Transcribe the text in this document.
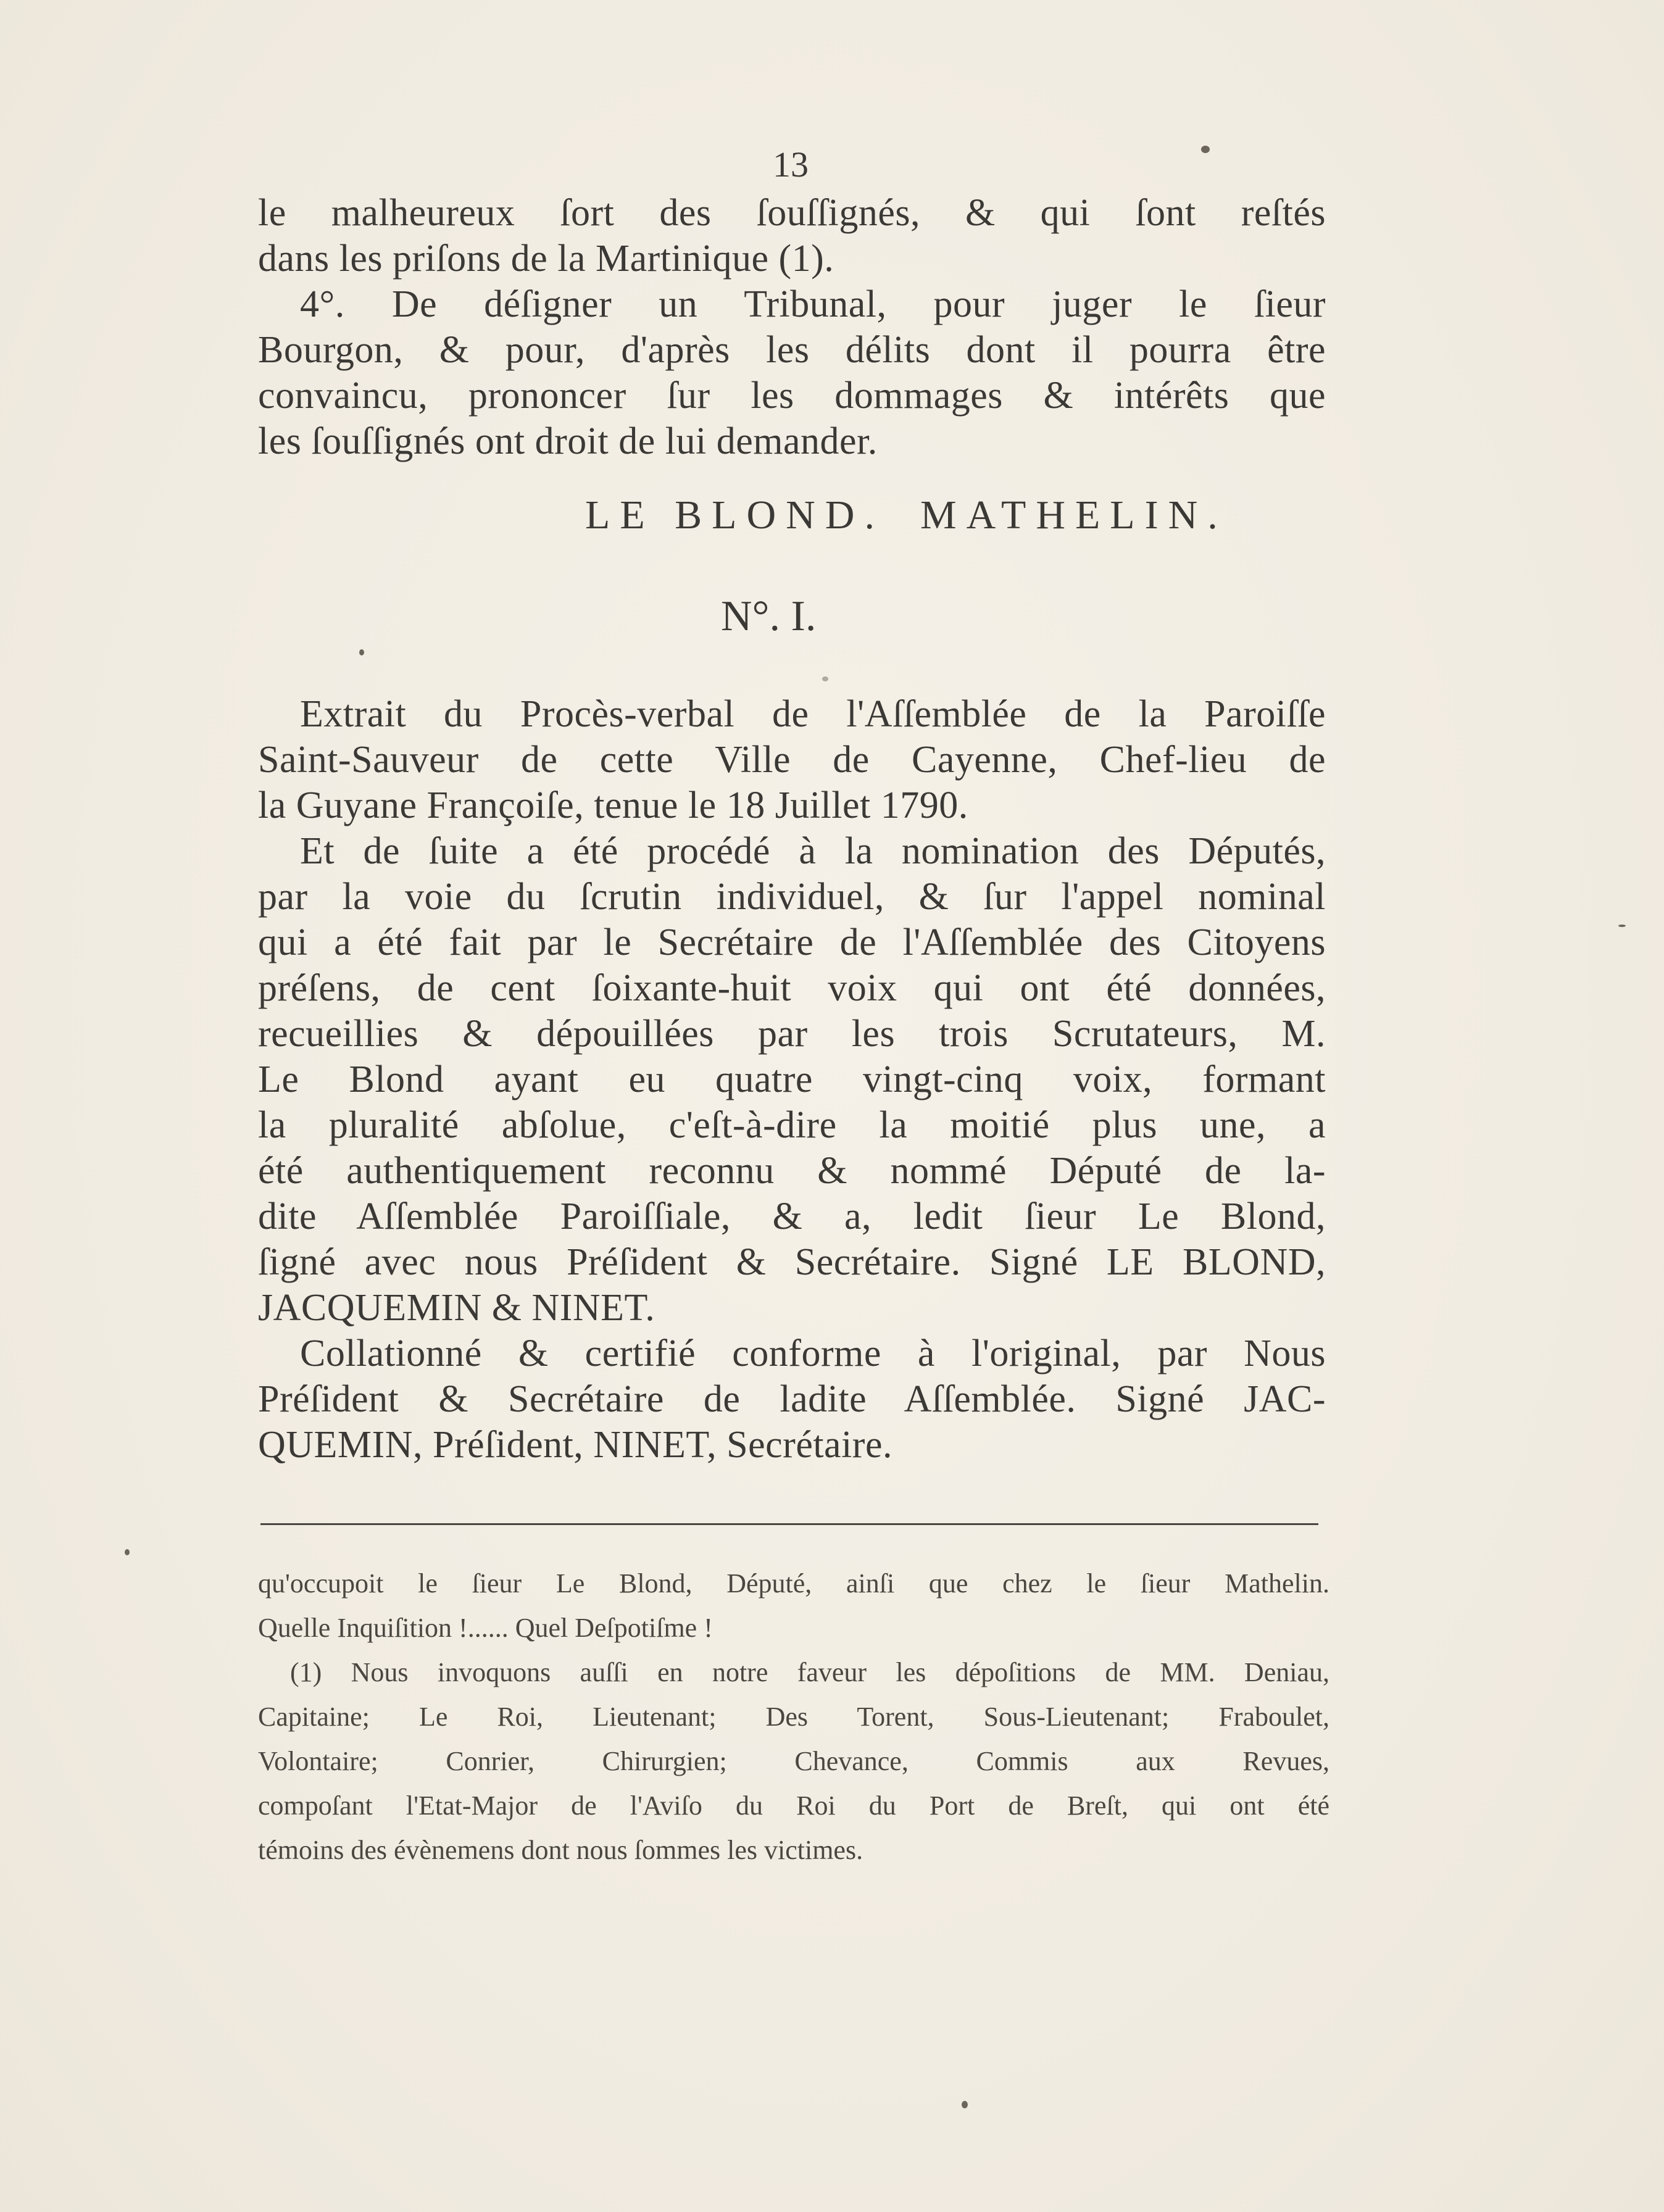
13
le malheureux ſort des ſouſſignés, & qui ſont reſtés
dans les priſons de la Martinique (1).
4°. De déſigner un Tribunal, pour juger le ſieur
Bourgon, & pour, d'après les délits dont il pourra être
convaincu, prononcer ſur les dommages & intérêts que
les ſouſſignés ont droit de lui demander.
LE BLOND. MATHELIN.
N°. I.
Extrait du Procès-verbal de l'Aſſemblée de la Paroiſſe
Saint-Sauveur de cette Ville de Cayenne, Chef-lieu de
la Guyane Françoiſe, tenue le 18 Juillet 1790.
Et de ſuite a été procédé à la nomination des Députés,
par la voie du ſcrutin individuel, & ſur l'appel nominal
qui a été fait par le Secrétaire de l'Aſſemblée des Citoyens
préſens, de cent ſoixante-huit voix qui ont été données,
recueillies & dépouillées par les trois Scrutateurs, M.
Le Blond ayant eu quatre vingt-cinq voix, formant
la pluralité abſolue, c'eſt-à-dire la moitié plus une, a
été authentiquement reconnu & nommé Député de la-
dite Aſſemblée Paroiſſiale, & a, ledit ſieur Le Blond,
ſigné avec nous Préſident & Secrétaire. Signé LE BLOND,
JACQUEMIN & NINET.
Collationné & certifié conforme à l'original, par Nous
Préſident & Secrétaire de ladite Aſſemblée. Signé JAC-
QUEMIN, Préſident, NINET, Secrétaire.
qu'occupoit le ſieur Le Blond, Député, ainſi que chez le ſieur Mathelin.
Quelle Inquiſition !...... Quel Deſpotiſme !
(1) Nous invoquons auſſi en notre faveur les dépoſitions de MM. Deniau,
Capitaine; Le Roi, Lieutenant; Des Torent, Sous-Lieutenant; Fraboulet,
Volontaire; Conrier, Chirurgien; Chevance, Commis aux Revues,
compoſant l'Etat-Major de l'Aviſo du Roi du Port de Breſt, qui ont été
témoins des évènemens dont nous ſommes les victimes.
